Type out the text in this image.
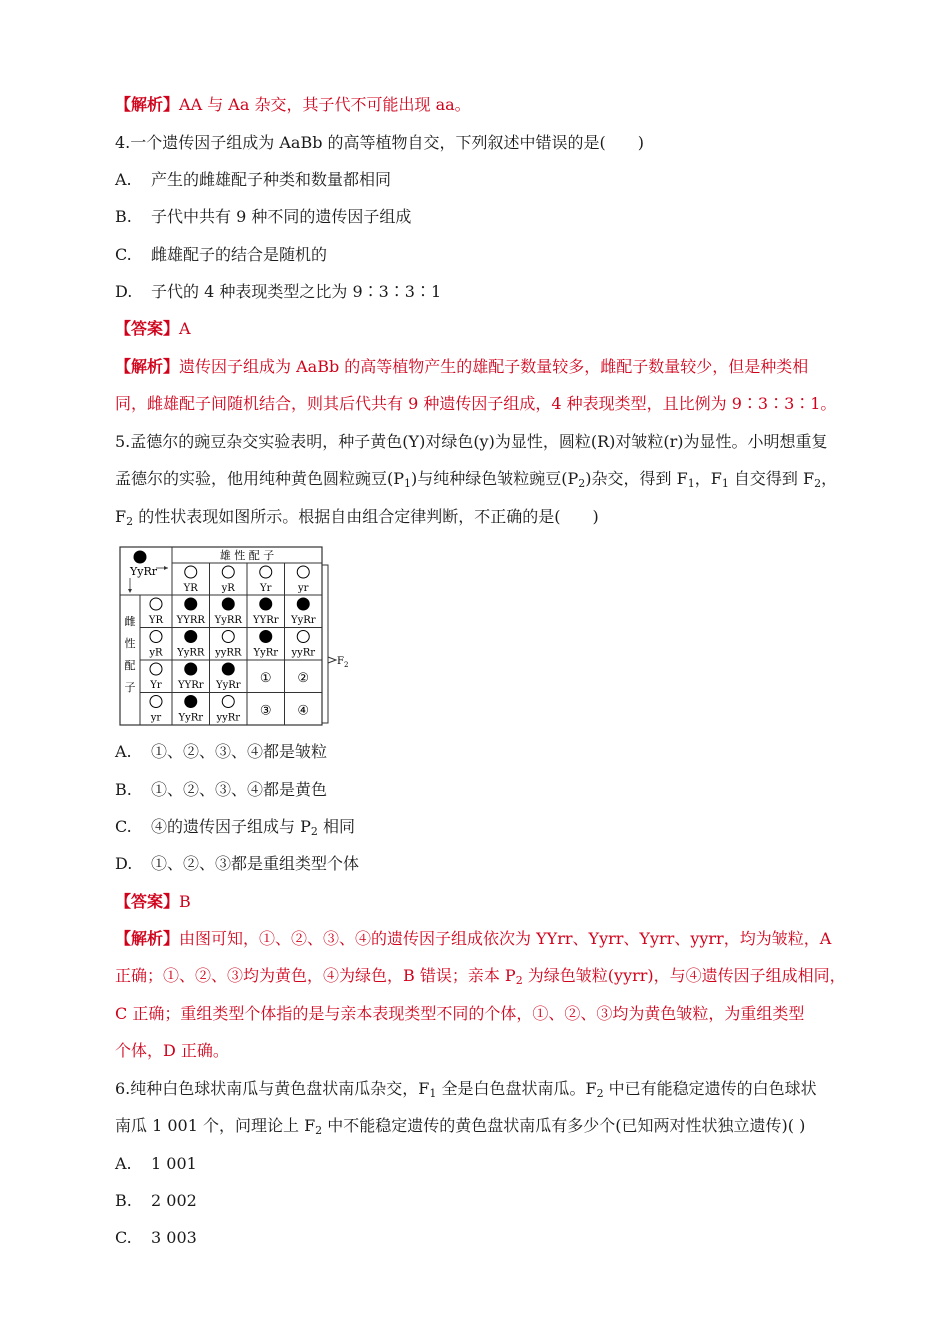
【解析】AA 与 Aa 杂交，其子代不可能出现 aa。
4.一个遗传因子组成为 AaBb 的高等植物自交，下列叙述中错误的是(　　)
A. 产生的雌雄配子种类和数量都相同
B. 子代中共有 9 种不同的遗传因子组成
C. 雌雄配子的结合是随机的
D. 子代的 4 种表现类型之比为 9∶3∶3∶1
【答案】A
【解析】遗传因子组成为 AaBb 的高等植物产生的雄配子数量较多，雌配子数量较少，但是种类相
同，雌雄配子间随机结合，则其后代共有 9 种遗传因子组成，4 种表现类型，且比例为 9∶3∶3∶1。
5.孟德尔的豌豆杂交实验表明，种子黄色(Y)对绿色(y)为显性，圆粒(R)对皱粒(r)为显性。小明想重复
孟德尔的实验，他用纯种黄色圆粒豌豆$(P_1)$与纯种绿色皱粒豌豆$(P_2)$杂交，得到 $F_1$，$F_1$ 自交得到 $F_2$，
$F_2$ 的性状表现如图所示。根据自由组合定律判断，不正确的是(　　)
YyRr
雄 性 配 子
雌
性
配
子
YR yR	Yr	yr
YR
yR
Yr
yr
YYRR YyRR YYRr YyRr
YyRR yyRR YyRr yyRr
YYRr YyRr ① ②
YyRr yyRr ③ ④
F 2
A. ①、②、③、④都是皱粒
B. ①、②、③、④都是黄色
C. ④的遗传因子组成与 $P_2$ 相同
D. ①、②、③都是重组类型个体
【答案】B
【解析】由图可知，①、②、③、④的遗传因子组成依次为 YYrr、Yyrr、Yyrr、yyrr，均为皱粒，A
正确；①、②、③均为黄色，④为绿色，B 错误；亲本 $P_2$ 为绿色皱粒(yyrr)，与④遗传因子组成相同，
C 正确；重组类型个体指的是与亲本表现类型不同的个体，①、②、③均为黄色皱粒，为重组类型
个体，D 正确。
6.纯种白色球状南瓜与黄色盘状南瓜杂交，$F_1$ 全是白色盘状南瓜。$F_2$ 中已有能稳定遗传的白色球状
南瓜 1 001 个，问理论上 $F_2$ 中不能稳定遗传的黄色盘状南瓜有多少个(已知两对性状独立遗传)( )
A. 1 001
B. 2 002
C. 3 003
